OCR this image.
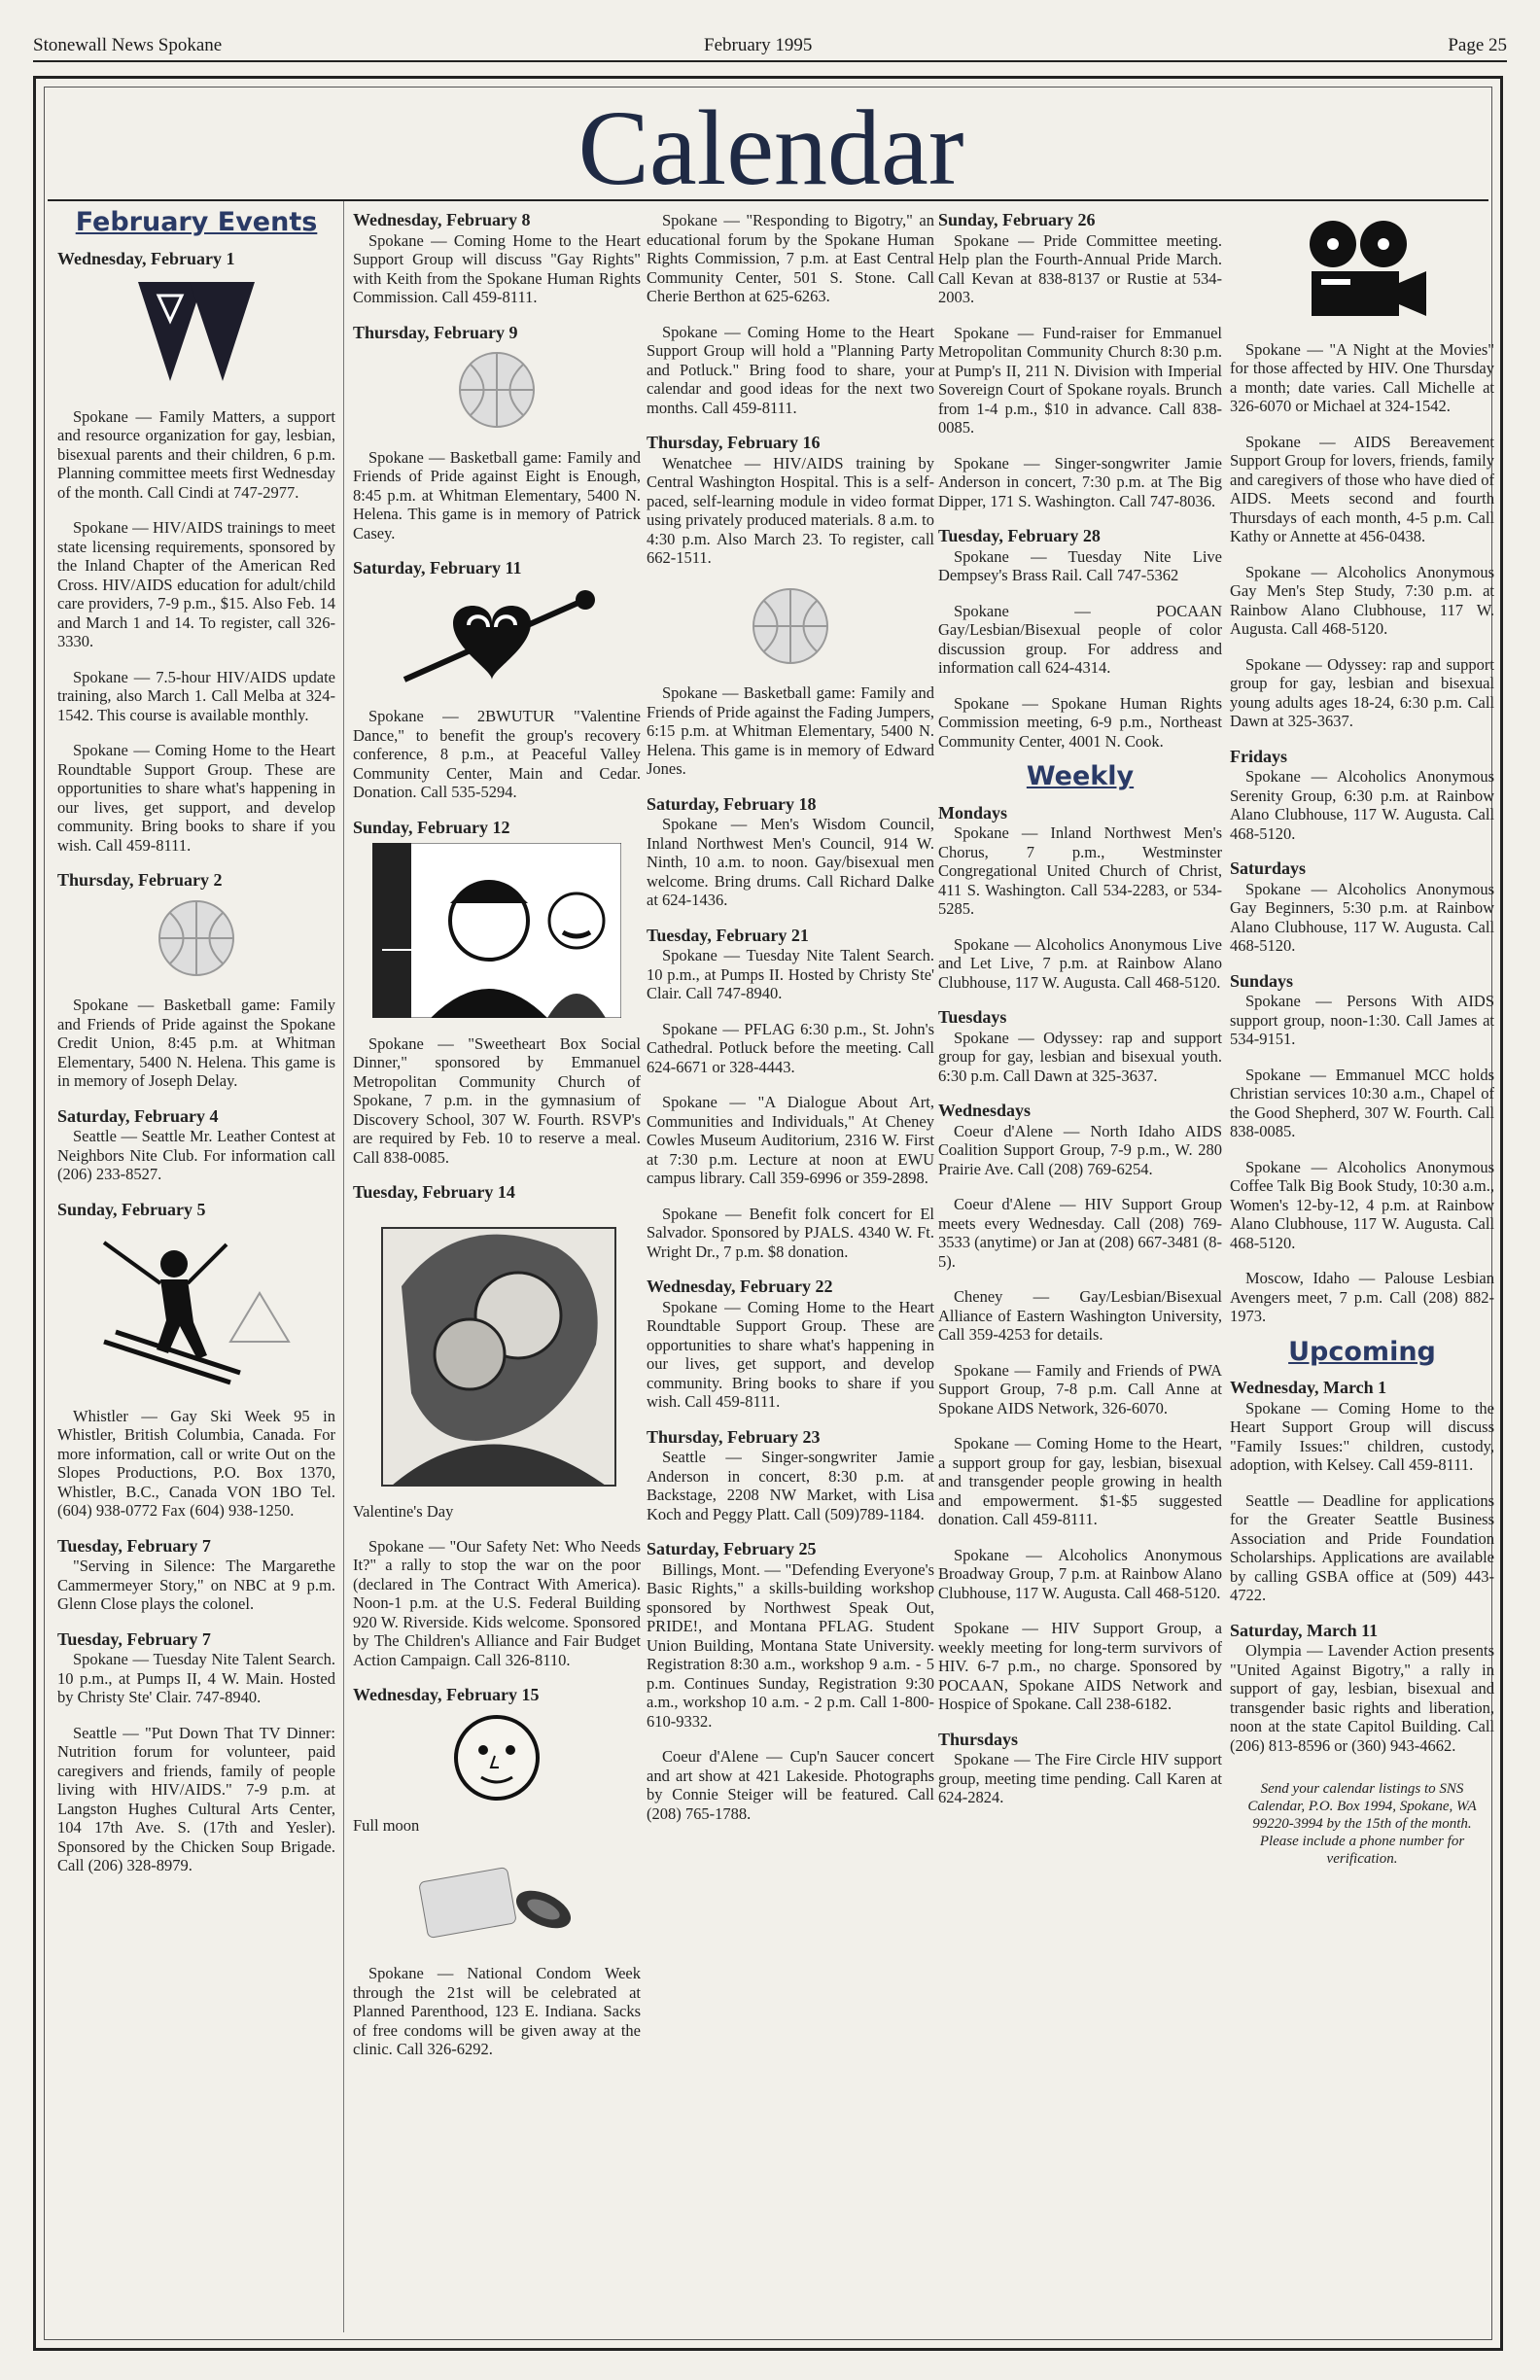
Stonewall News Spokane	February 1995	Page 25
Calendar
February Events
Wednesday, February 1
Spokane — Family Matters, a support and resource organization for gay, lesbian, bisexual parents and their children, 6 p.m. Planning committee meets first Wednesday of the month. Call Cindi at 747-2977.
Spokane — HIV/AIDS trainings to meet state licensing requirements, sponsored by the Inland Chapter of the American Red Cross. HIV/AIDS education for adult/child care providers, 7-9 p.m., $15. Also Feb. 14 and March 1 and 14. To register, call 326-3330.
Spokane — 7.5-hour HIV/AIDS update training, also March 1. Call Melba at 324-1542. This course is available monthly.
Spokane — Coming Home to the Heart Roundtable Support Group. These are opportunities to share what's happening in our lives, get support, and develop community. Bring books to share if you wish. Call 459-8111.
Thursday, February 2
Spokane — Basketball game: Family and Friends of Pride against the Spokane Credit Union, 8:45 p.m. at Whitman Elementary, 5400 N. Helena. This game is in memory of Joseph Delay.
Saturday, February 4
Seattle — Seattle Mr. Leather Contest at Neighbors Nite Club. For information call (206) 233-8527.
Sunday, February 5
Whistler — Gay Ski Week 95 in Whistler, British Columbia, Canada. For more information, call or write Out on the Slopes Productions, P.O. Box 1370, Whistler, B.C., Canada VON 1BO Tel. (604) 938-0772 Fax (604) 938-1250.
Tuesday, February 7
"Serving in Silence: The Margarethe Cammermeyer Story," on NBC at 9 p.m. Glenn Close plays the colonel.
Tuesday, February 7
Spokane — Tuesday Nite Talent Search. 10 p.m., at Pumps II, 4 W. Main. Hosted by Christy Ste' Clair. 747-8940.
Seattle — "Put Down That TV Dinner: Nutrition forum for volunteer, paid caregivers and friends, family of people living with HIV/AIDS." 7-9 p.m. at Langston Hughes Cultural Arts Center, 104 17th Ave. S. (17th and Yesler). Sponsored by the Chicken Soup Brigade. Call (206) 328-8979.
Wednesday, February 8
Spokane — Coming Home to the Heart Support Group will discuss "Gay Rights" with Keith from the Spokane Human Rights Commission. Call 459-8111.
Thursday, February 9
Spokane — Basketball game: Family and Friends of Pride against Eight is Enough, 8:45 p.m. at Whitman Elementary, 5400 N. Helena. This game is in memory of Patrick Casey.
Saturday, February 11
Spokane — 2BWUTUR "Valentine Dance," to benefit the group's recovery conference, 8 p.m., at Peaceful Valley Community Center, Main and Cedar. Donation. Call 535-5294.
Sunday, February 12
Spokane — "Sweetheart Box Social Dinner," sponsored by Emmanuel Metropolitan Community Church of Spokane, 7 p.m. in the gymnasium of Discovery School, 307 W. Fourth. RSVP's are required by Feb. 10 to reserve a meal. Call 838-0085.
Tuesday, February 14
Valentine's Day
Spokane — "Our Safety Net: Who Needs It?" a rally to stop the war on the poor (declared in The Contract With America). Noon-1 p.m. at the U.S. Federal Building 920 W. Riverside. Kids welcome. Sponsored by The Children's Alliance and Fair Budget Action Campaign. Call 326-8110.
Wednesday, February 15
Full moon
Spokane — National Condom Week through the 21st will be celebrated at Planned Parenthood, 123 E. Indiana. Sacks of free condoms will be given away at the clinic. Call 326-6292.
Spokane — "Responding to Bigotry," an educational forum by the Spokane Human Rights Commission, 7 p.m. at East Central Community Center, 501 S. Stone. Call Cherie Berthon at 625-6263.
Spokane — Coming Home to the Heart Support Group will hold a "Planning Party and Potluck." Bring food to share, your calendar and good ideas for the next two months. Call 459-8111.
Thursday, February 16
Wenatchee — HIV/AIDS training by Central Washington Hospital. This is a self-paced, self-learning module in video format using privately produced materials. 8 a.m. to 4:30 p.m. Also March 23. To register, call 662-1511.
Spokane — Basketball game: Family and Friends of Pride against the Fading Jumpers, 6:15 p.m. at Whitman Elementary, 5400 N. Helena. This game is in memory of Edward Jones.
Saturday, February 18
Spokane — Men's Wisdom Council, Inland Northwest Men's Council, 914 W. Ninth, 10 a.m. to noon. Gay/bisexual men welcome. Bring drums. Call Richard Dalke at 624-1436.
Tuesday, February 21
Spokane — Tuesday Nite Talent Search. 10 p.m., at Pumps II. Hosted by Christy Ste' Clair. Call 747-8940.
Spokane — PFLAG 6:30 p.m., St. John's Cathedral. Potluck before the meeting. Call 624-6671 or 328-4443.
Spokane — "A Dialogue About Art, Communities and Individuals," At Cheney Cowles Museum Auditorium, 2316 W. First at 7:30 p.m. Lecture at noon at EWU campus library. Call 359-6996 or 359-2898.
Spokane — Benefit folk concert for El Salvador. Sponsored by PJALS. 4340 W. Ft. Wright Dr., 7 p.m. $8 donation.
Wednesday, February 22
Spokane — Coming Home to the Heart Roundtable Support Group. These are opportunities to share what's happening in our lives, get support, and develop community. Bring books to share if you wish. Call 459-8111.
Thursday, February 23
Seattle — Singer-songwriter Jamie Anderson in concert, 8:30 p.m. at Backstage, 2208 NW Market, with Lisa Koch and Peggy Platt. Call (509)789-1184.
Saturday, February 25
Billings, Mont. — "Defending Everyone's Basic Rights," a skills-building workshop sponsored by Northwest Speak Out, PRIDE!, and Montana PFLAG. Student Union Building, Montana State University. Registration 8:30 a.m., workshop 9 a.m. - 5 p.m. Continues Sunday, Registration 9:30 a.m., workshop 10 a.m. - 2 p.m. Call 1-800-610-9332.
Coeur d'Alene — Cup'n Saucer concert and art show at 421 Lakeside. Photographs by Connie Steiger will be featured. Call (208) 765-1788.
Sunday, February 26
Spokane — Pride Committee meeting. Help plan the Fourth-Annual Pride March. Call Kevan at 838-8137 or Rustie at 534-2003.
Spokane — Fund-raiser for Emmanuel Metropolitan Community Church 8:30 p.m. at Pump's II, 211 N. Division with Imperial Sovereign Court of Spokane royals. Brunch from 1-4 p.m., $10 in advance. Call 838-0085.
Spokane — Singer-songwriter Jamie Anderson in concert, 7:30 p.m. at The Big Dipper, 171 S. Washington. Call 747-8036.
Tuesday, February 28
Spokane — Tuesday Nite Live Dempsey's Brass Rail. Call 747-5362
Spokane — POCAAN Gay/Lesbian/Bisexual people of color discussion group. For address and information call 624-4314.
Spokane — Spokane Human Rights Commission meeting, 6-9 p.m., Northeast Community Center, 4001 N. Cook.
Weekly
Mondays
Spokane — Inland Northwest Men's Chorus, 7 p.m., Westminster Congregational United Church of Christ, 411 S. Washington. Call 534-2283, or 534-5285.
Spokane — Alcoholics Anonymous Live and Let Live, 7 p.m. at Rainbow Alano Clubhouse, 117 W. Augusta. Call 468-5120.
Tuesdays
Spokane — Odyssey: rap and support group for gay, lesbian and bisexual youth. 6:30 p.m. Call Dawn at 325-3637.
Wednesdays
Coeur d'Alene — North Idaho AIDS Coalition Support Group, 7-9 p.m., W. 280 Prairie Ave. Call (208) 769-6254.
Coeur d'Alene — HIV Support Group meets every Wednesday. Call (208) 769-3533 (anytime) or Jan at (208) 667-3481 (8-5).
Cheney — Gay/Lesbian/Bisexual Alliance of Eastern Washington University, Call 359-4253 for details.
Spokane — Family and Friends of PWA Support Group, 7-8 p.m. Call Anne at Spokane AIDS Network, 326-6070.
Spokane — Coming Home to the Heart, a support group for gay, lesbian, bisexual and transgender people growing in health and empowerment. $1-$5 suggested donation. Call 459-8111.
Spokane — Alcoholics Anonymous Broadway Group, 7 p.m. at Rainbow Alano Clubhouse, 117 W. Augusta. Call 468-5120.
Spokane — HIV Support Group, a weekly meeting for long-term survivors of HIV. 6-7 p.m., no charge. Sponsored by POCAAN, Spokane AIDS Network and Hospice of Spokane. Call 238-6182.
Thursdays
Spokane — The Fire Circle HIV support group, meeting time pending. Call Karen at 624-2824.
Spokane — "A Night at the Movies" for those affected by HIV. One Thursday a month; date varies. Call Michelle at 326-6070 or Michael at 324-1542.
Spokane — AIDS Bereavement Support Group for lovers, friends, family and caregivers of those who have died of AIDS. Meets second and fourth Thursdays of each month, 4-5 p.m. Call Kathy or Annette at 456-0438.
Spokane — Alcoholics Anonymous Gay Men's Step Study, 7:30 p.m. at Rainbow Alano Clubhouse, 117 W. Augusta. Call 468-5120.
Spokane — Odyssey: rap and support group for gay, lesbian and bisexual young adults ages 18-24, 6:30 p.m. Call Dawn at 325-3637.
Fridays
Spokane — Alcoholics Anonymous Serenity Group, 6:30 p.m. at Rainbow Alano Clubhouse, 117 W. Augusta. Call 468-5120.
Saturdays
Spokane — Alcoholics Anonymous Gay Beginners, 5:30 p.m. at Rainbow Alano Clubhouse, 117 W. Augusta. Call 468-5120.
Sundays
Spokane — Persons With AIDS support group, noon-1:30. Call James at 534-9151.
Spokane — Emmanuel MCC holds Christian services 10:30 a.m., Chapel of the Good Shepherd, 307 W. Fourth. Call 838-0085.
Spokane — Alcoholics Anonymous Coffee Talk Big Book Study, 10:30 a.m., Women's 12-by-12, 4 p.m. at Rainbow Alano Clubhouse, 117 W. Augusta. Call 468-5120.
Moscow, Idaho — Palouse Lesbian Avengers meet, 7 p.m. Call (208) 882-1973.
Upcoming
Wednesday, March 1
Spokane — Coming Home to the Heart Support Group will discuss "Family Issues:" children, custody, adoption, with Kelsey. Call 459-8111.
Seattle — Deadline for applications for the Greater Seattle Business Association and Pride Foundation Scholarships. Applications are available by calling GSBA office at (509) 443-4722.
Saturday, March 11
Olympia — Lavender Action presents "United Against Bigotry," a rally in support of gay, lesbian, bisexual and transgender basic rights and liberation, noon at the state Capitol Building. Call (206) 813-8596 or (360) 943-4662.
Send your calendar listings to SNS Calendar, P.O. Box 1994, Spokane, WA 99220-3994 by the 15th of the month. Please include a phone number for verification.
